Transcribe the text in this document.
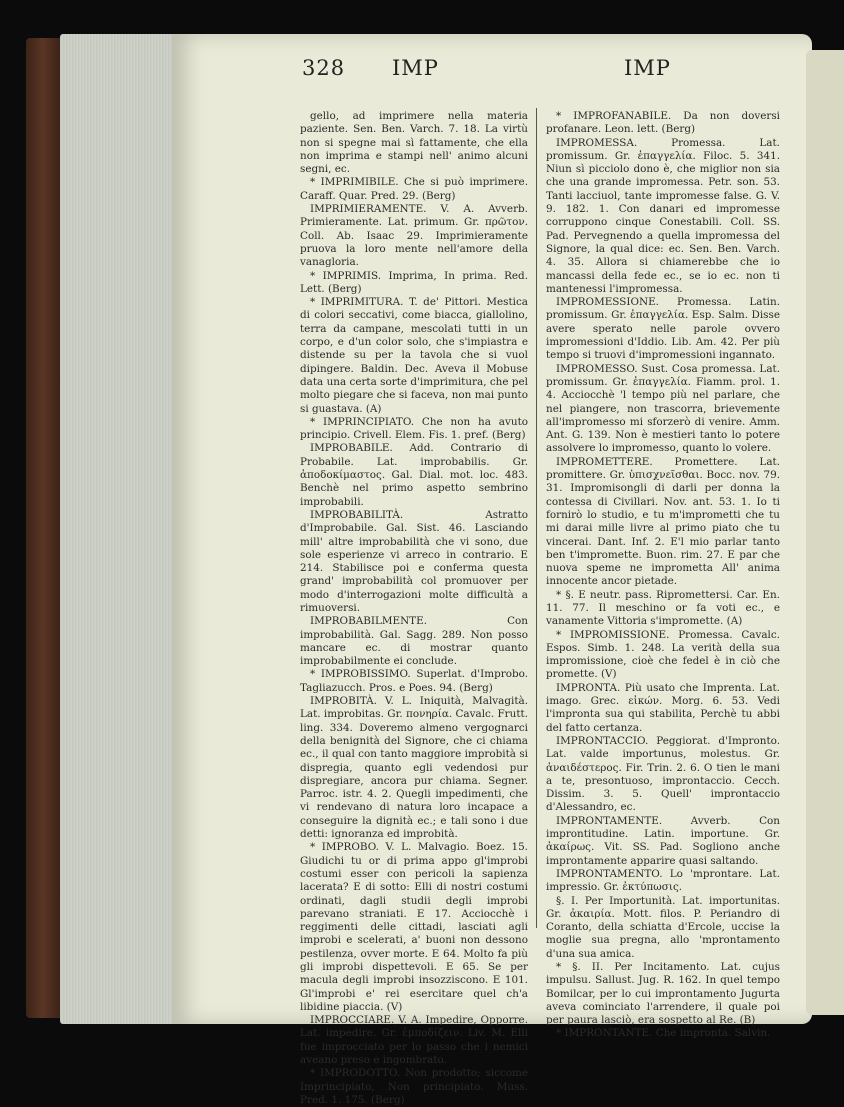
328 IMP	IMP

gello, ad imprimere nella materia paziente. Sen. Ben. Varch. 7. 18. La virtù non si spegne mai sì fattamente, che ella non imprima e stampi nell' animo alcuni segni, ec.

* IMPRIMIBILE. Che si può imprimere. Caraff. Quar. Pred. 29. (Berg)

IMPRIMIERAMENTE. V. A. Avverb. Primieramente. Lat. primum. Gr. πρῶτον. Coll. Ab. Isaac 29. Imprimieramente pruova la loro mente nell'amore della vanagloria.

* IMPRIMIS. Imprima, In prima. Red. Lett. (Berg)

* IMPRIMITURA. T. de' Pittori. Mestica di colori seccativi, come biacca, giallolino, terra da campane, mescolati tutti in un corpo, e d'un color solo, che s'impiastra e distende su per la tavola che si vuol dipingere. Baldin. Dec. Aveva il Mobuse data una certa sorte d'imprimitura, che pel molto piegare che si faceva, non mai punto si guastava. (A)

* IMPRINCIPIATO. Che non ha avuto principio. Crivell. Elem. Fis. 1. pref. (Berg)

IMPROBABILE. Add. Contrario di Probabile. Lat. improbabilis. Gr. ἀποδοκίμαστος. Gal. Dial. mot. loc. 483. Benchè nel primo aspetto sembrino improbabili.

IMPROBABILITÀ. Astratto d'Improbabile. Gal. Sist. 46. Lasciando mill' altre improbabilità che vi sono, due sole esperienze vi arreco in contrario. E 214. Stabilisce poi e conferma questa grand' improbabilità col promuover per modo d'interrogazioni molte difficultà a rimuoversi.

IMPROBABILMENTE. Con improbabilità. Gal. Sagg. 289. Non posso mancare ec. di mostrar quanto improbabilmente ei conclude.

* IMPROBISSIMO. Superlat. d'Improbo. Tagliazucch. Pros. e Poes. 94. (Berg)

IMPROBITÀ. V. L. Iniquità, Malvagità. Lat. improbitas. Gr. πονηρία. Cavalc. Frutt. ling. 334. Doveremo almeno vergognarci della benignità del Signore, che ci chiama ec., il qual con tanto maggiore improbità si dispregia, quanto egli vedendosi pur dispregiare, ancora pur chiama. Segner. Parroc. istr. 4. 2. Quegli impedimenti, che vi rendevano di natura loro incapace a conseguire la dignità ec.; e tali sono i due detti: ignoranza ed improbità.

* IMPROBO. V. L. Malvagio. Boez. 15. Giudichi tu or di prima appo gl'improbi costumi esser con pericoli la sapienza lacerata? E di sotto: Elli di nostri costumi ordinati, dagli studii degli improbi parevano straniati. E 17. Acciocchè i reggimenti delle cittadi, lasciati agli improbi e scelerati, a' buoni non dessono pestilenza, ovver morte. E 64. Molto fa più gli improbi dispettevoli. E 65. Se per macula degli improbi insozziscono. E 101. Gl'improbi e' rei esercitare quel ch'a libidine piaccia. (V)

IMPROCCIARE. V. A. Impedire, Opporre. Lat. impedire. Gr. ἐμποδίζειν. Liv. M. Elli fue improcciato per lo passo che i nemici aveano preso e ingombrato.

* IMPRODOTTO. Non prodotto; siccome Imprincipiato, Non principiato. Muss. Pred. 1. 175. (Berg)

* IMPROFANABILE. Da non doversi profanare. Leon. lett. (Berg)

IMPROMESSA. Promessa. Lat. promissum. Gr. ἐπαγγελία. Filoc. 5. 341. Niun sì picciolo dono è, che miglior non sia che una grande impromessa. Petr. son. 53. Tanti lacciuol, tante impromesse false. G. V. 9. 182. 1. Con danari ed impromesse corruppono cinque Conestabili. Coll. SS. Pad. Pervegnendo a quella impromessa del Signore, la qual dice: ec. Sen. Ben. Varch. 4. 35. Allora si chiamerebbe che io mancassi della fede ec., se io ec. non ti mantenessi l'impromessa.

IMPROMESSIONE. Promessa. Latin. promissum. Gr. ἐπαγγελία. Esp. Salm. Disse avere sperato nelle parole ovvero impromessioni d'Iddio. Lib. Am. 42. Per più tempo si truovi d'impromessioni ingannato.

IMPROMESSO. Sust. Cosa promessa. Lat. promissum. Gr. ἐπαγγελία. Fiamm. prol. 1. 4. Acciocchè 'l tempo più nel parlare, che nel piangere, non trascorra, brievemente all'impromesso mi sforzerò di venire. Amm. Ant. G. 139. Non è mestieri tanto lo potere assolvere lo impromesso, quanto lo volere.

IMPROMETTERE. Promettere. Lat. promittere. Gr. ὑπισχνεῖσθαι. Bocc. nov. 79. 31. Impromisongli di darli per donna la contessa di Civillari. Nov. ant. 53. 1. Io ti fornirò lo studio, e tu m'imprometti che tu mi darai mille livre al primo piato che tu vincerai. Dant. Inf. 2. E'l mio parlar tanto ben t'impromette. Buon. rim. 27. E par che nuova speme ne impromettа All' anima innocente ancor pietade.

* §. E neutr. pass. Ripromettersi. Car. En. 11. 77. Il meschino or fa voti ec., e vanamente Vittoria s'impromette. (A)

* IMPROMISSIONE. Promessa. Cavalc. Espos. Simb. 1. 248. La verità della sua impromissione, cioè che fedel è in ciò che promette. (V)

IMPRONTA. Più usato che Imprenta. Lat. imago. Grec. εἰκών. Morg. 6. 53. Vedi l'impronta sua qui stabilita, Perchè tu abbi del fatto certanza.

IMPRONTACCIO. Peggiorat. d'Impronto. Lat. valde importunus, molestus. Gr. ἀναιδέστερος. Fir. Trin. 2. 6. O tien le mani a te, presontuoso, improntaccio. Cecch. Dissim. 3. 5. Quell' improntaccio d'Alessandro, ec.

IMPRONTAMENTE. Avverb. Con improntitudine. Latin. importune. Gr. ἀκαίρως. Vit. SS. Pad. Sogliono anche improntamente apparire quasi saltando.

IMPRONTAMENTO. Lo 'mprontare. Lat. impressio. Gr. ἐκτύπωσις.

§. I. Per Importunità. Lat. importunitas. Gr. ἀκαιρία. Mott. filos. P. Periandro di Coranto, della schiatta d'Ercole, uccise la moglie sua pregna, allo 'mprontamento d'una sua amica.

* §. II. Per Incitamento. Lat. cujus impulsu. Sallust. Jug. R. 162. In quel tempo Bomilcar, per lo cui improntamento Jugurta aveva cominciato l'arrendere, il quale poi per paura lasciò, era sospetto al Re. (B)

* IMPRONTANTE. Che impronta. Salvin.
